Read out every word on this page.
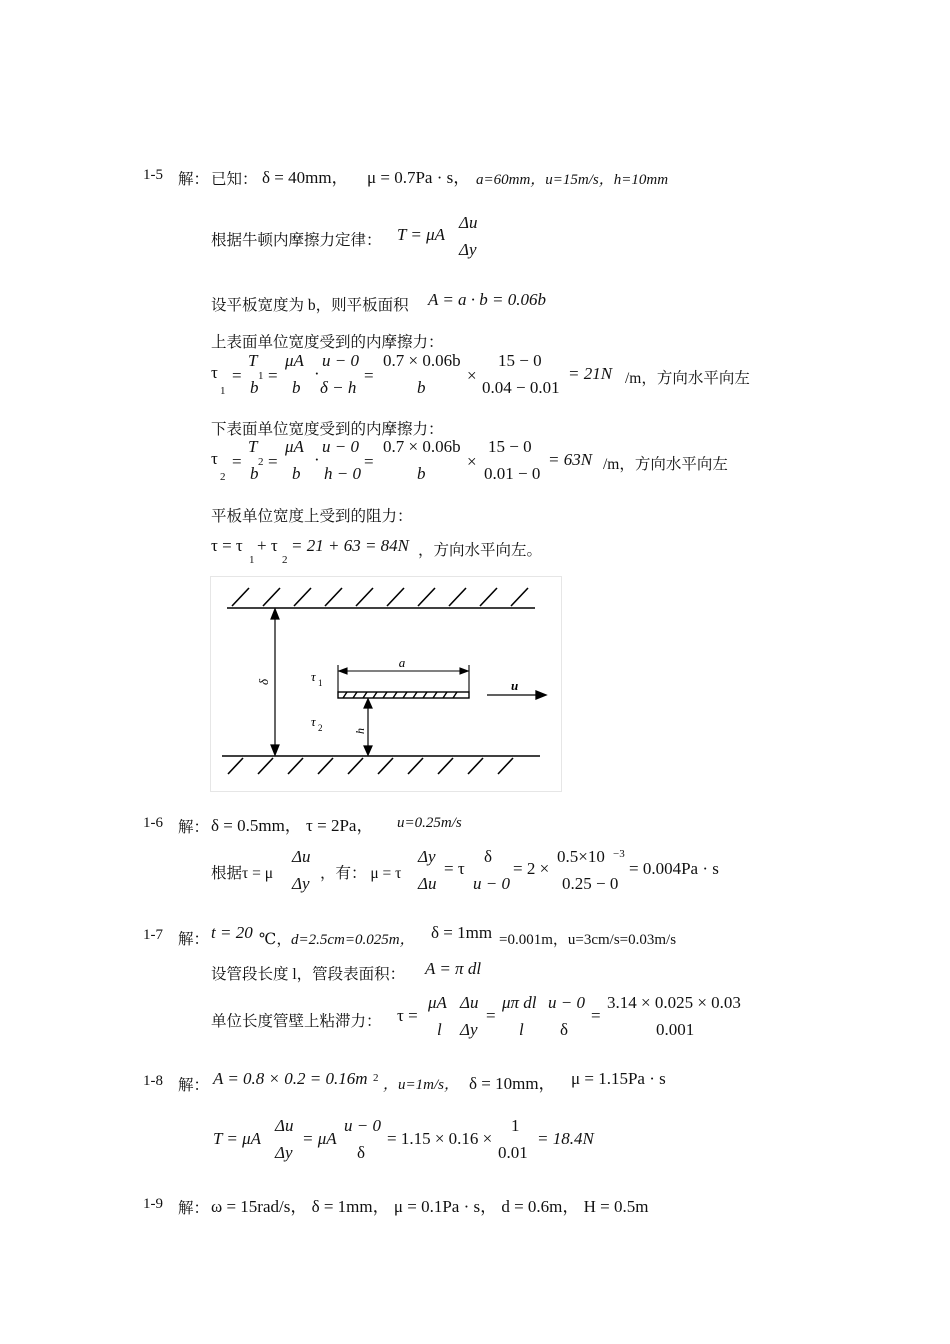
1-5 解： 已知： δ = 40mm， μ = 0.7Pa · s， a=60mm，u=15m/s，h=10mm
根据牛顿内摩擦力定律： T = μA
Δu
Δy
设平板宽度为 b，则平板面积 A = a · b = 0.06b
上表面单位宽度受到的内摩擦力：
τ
1
=
T
1
b
=
μA
b
·
u − 0
δ − h
=
0.7 × 0.06b
b
×
15 − 0
0.04 − 0.01
= 21N /m，方向水平向左
下表面单位宽度受到的内摩擦力：
τ
2
=
T
2
b
=
μA
b
·
u − 0
h − 0
=
0.7 × 0.06b
b
×
15 − 0
0.01 − 0
= 63N /m，方向水平向左
平板单位宽度上受到的阻力：
τ = τ
1
+ τ
2
= 21 + 63 = 84N ，方向水平向左。
δ
a
τ 1
τ 2	h
u
1-6 解： δ = 0.5mm， τ = 2Pa， u=0.25m/s
根据τ = μ
Δu
Δy
，有： μ = τ
Δy
Δu
= τ
δ
u − 0
= 2 ×
0.5×10 −3
0.25 − 0
= 0.004Pa · s
1-7 解： t = 20 ℃， d=2.5cm=0.025m， δ = 1mm =0.001m，u=3cm/s=0.03m/s
设管段长度 l，管段表面积： A = π dl
单位长度管壁上粘滞力： τ =
μA
l
Δu
Δy
=
μπ dl
l
u − 0
δ
=
3.14 × 0.025 × 0.03
0.001
1-8 解： A = 0.8 × 0.2 = 0.16m 2 ，u=1m/s， δ = 10mm， μ = 1.15Pa · s
T = μA
Δu
Δy
= μA
u − 0
δ
= 1.15 × 0.16 ×
1
0.01
= 18.4N
1-9 解： ω = 15rad/s， δ = 1mm， μ = 0.1Pa · s， d = 0.6m， H = 0.5m
